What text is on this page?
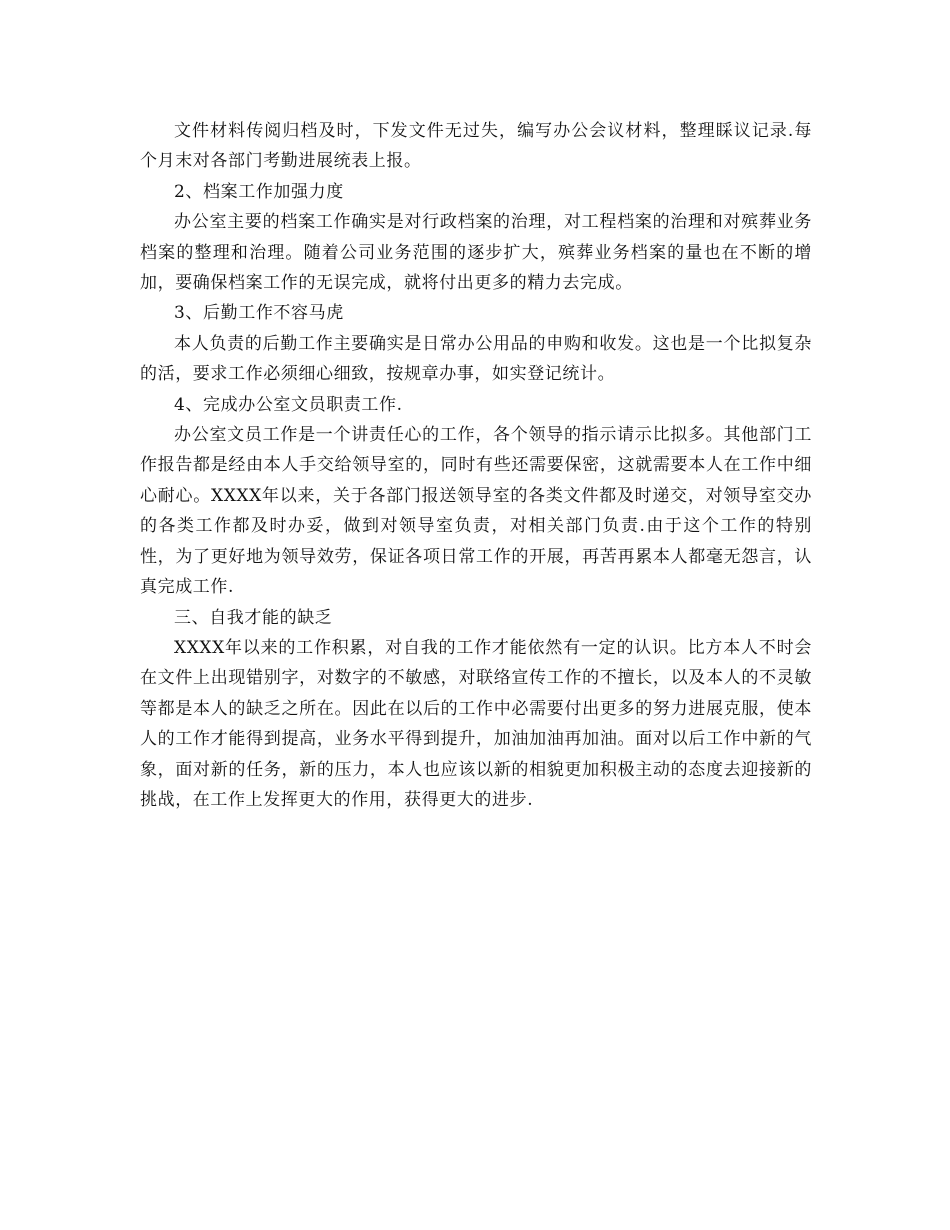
文件材料传阅归档及时，下发文件无过失，编写办公会议材料，整理睬议记录.每个月末对各部门考勤进展统表上报。

2、档案工作加强力度

办公室主要的档案工作确实是对行政档案的治理，对工程档案的治理和对殡葬业务档案的整理和治理。随着公司业务范围的逐步扩大，殡葬业务档案的量也在不断的增加，要确保档案工作的无误完成，就将付出更多的精力去完成。

3、后勤工作不容马虎

本人负责的后勤工作主要确实是日常办公用品的申购和收发。这也是一个比拟复杂的活，要求工作必须细心细致，按规章办事，如实登记统计。

4、完成办公室文员职责工作.

办公室文员工作是一个讲责任心的工作，各个领导的指示请示比拟多。其他部门工作报告都是经由本人手交给领导室的，同时有些还需要保密，这就需要本人在工作中细心耐心。XXXX年以来，关于各部门报送领导室的各类文件都及时递交，对领导室交办的各类工作都及时办妥，做到对领导室负责，对相关部门负责.由于这个工作的特别性，为了更好地为领导效劳，保证各项日常工作的开展，再苦再累本人都毫无怨言，认真完成工作.

三、自我才能的缺乏

XXXX年以来的工作积累，对自我的工作才能依然有一定的认识。比方本人不时会在文件上出现错别字，对数字的不敏感，对联络宣传工作的不擅长，以及本人的不灵敏等都是本人的缺乏之所在。因此在以后的工作中必需要付出更多的努力进展克服，使本人的工作才能得到提高，业务水平得到提升，加油加油再加油。面对以后工作中新的气象，面对新的任务，新的压力，本人也应该以新的相貌更加积极主动的态度去迎接新的挑战，在工作上发挥更大的作用，获得更大的进步.
